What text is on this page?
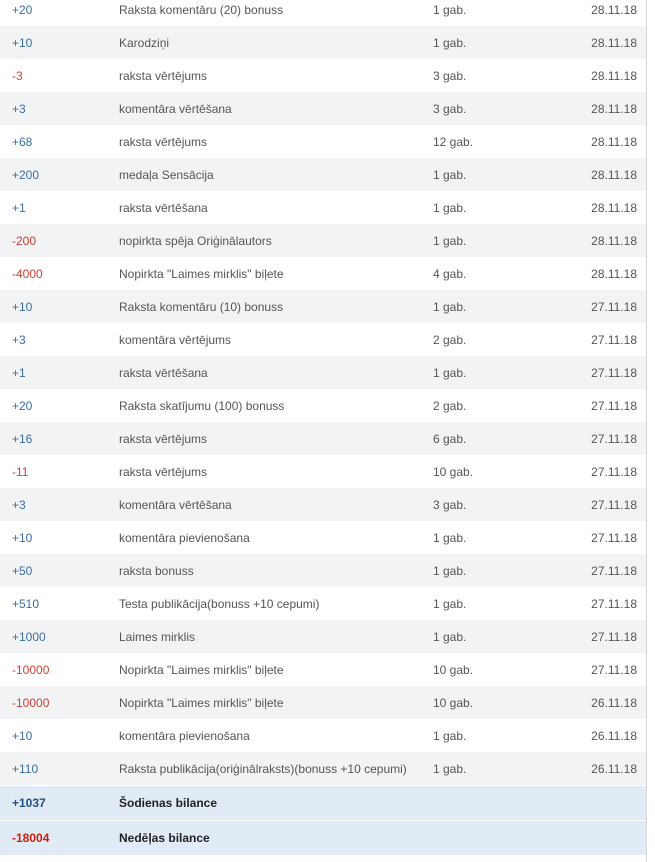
+20	Raksta komentāru (20) bonuss	1 gab.	28.11.18
+10	Karodziņi	1 gab.	28.11.18
-3	raksta vērtējums	3 gab.	28.11.18
+3	komentāra vērtēšana	3 gab.	28.11.18
+68	raksta vērtējums	12 gab.	28.11.18
+200	medaļa Sensācija	1 gab.	28.11.18
+1	raksta vērtēšana	1 gab.	28.11.18
-200	nopirkta spēja Oriģinālautors	1 gab.	28.11.18
-4000	Nopirkta "Laimes mirklis" biļete	4 gab.	28.11.18
+10	Raksta komentāru (10) bonuss	1 gab.	27.11.18
+3	komentāra vērtējums	2 gab.	27.11.18
+1	raksta vērtēšana	1 gab.	27.11.18
+20	Raksta skatījumu (100) bonuss	2 gab.	27.11.18
+16	raksta vērtējums	6 gab.	27.11.18
-11	raksta vērtējums	10 gab.	27.11.18
+3	komentāra vērtēšana	3 gab.	27.11.18
+10	komentāra pievienošana	1 gab.	27.11.18
+50	raksta bonuss	1 gab.	27.11.18
+510	Testa publikācija(bonuss +10 cepumi)	1 gab.	27.11.18
+1000	Laimes mirklis	1 gab.	27.11.18
-10000	Nopirkta "Laimes mirklis" biļete	10 gab.	27.11.18
-10000	Nopirkta "Laimes mirklis" biļete	10 gab.	26.11.18
+10	komentāra pievienošana	1 gab.	26.11.18
+110	Raksta publikācija(oriģinālraksts)(bonuss +10 cepumi)	1 gab.	26.11.18
+1037	Šodienas bilance		
-18004	Nedēļas bilance		
